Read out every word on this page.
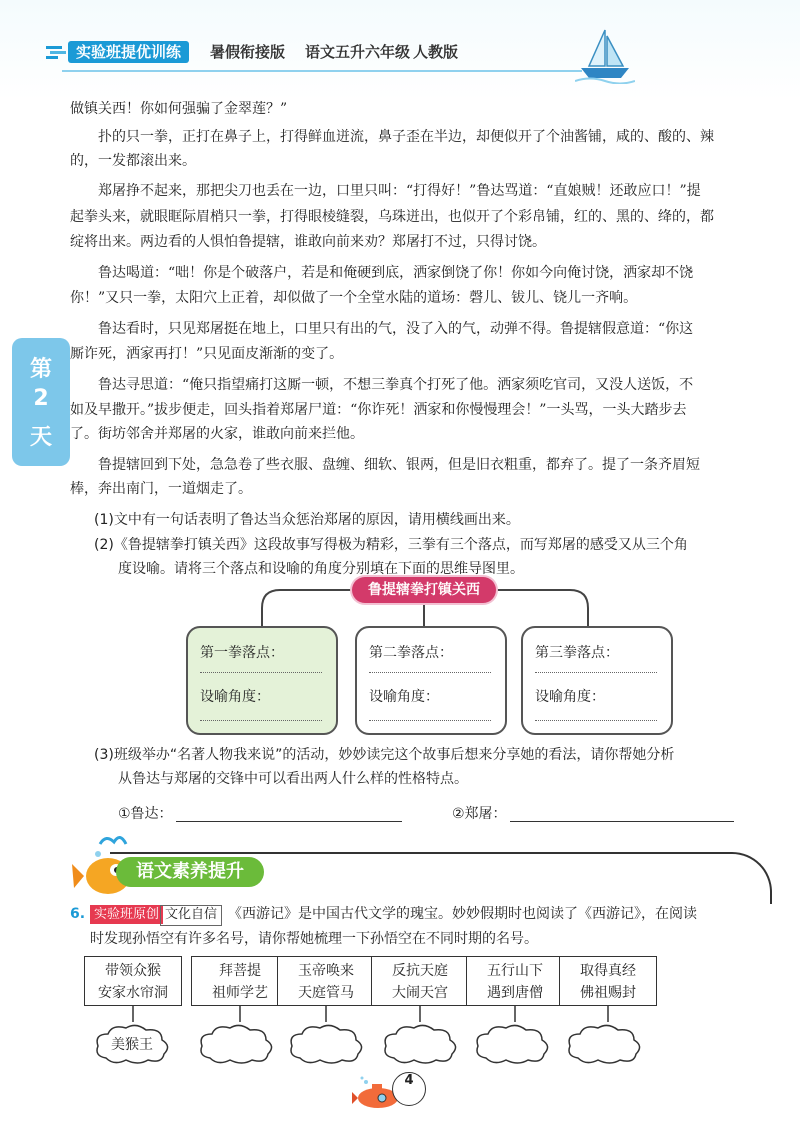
实验班提优训练	暑假衔接版 语文五升六年级 人教版
第
2
天
做镇关西！你如何强骗了金翠莲？”
　　扑的只一拳，正打在鼻子上，打得鲜血迸流，鼻子歪在半边，却便似开了个油酱铺，咸的、酸的、辣
的，一发都滚出来。
　　郑屠挣不起来，那把尖刀也丢在一边，口里只叫：“打得好！”鲁达骂道：“直娘贼！还敢应口！”提
起拳头来，就眼眶际眉梢只一拳，打得眼棱缝裂，乌珠迸出，也似开了个彩帛铺，红的、黑的、绛的，都
绽将出来。两边看的人惧怕鲁提辖，谁敢向前来劝？郑屠打不过，只得讨饶。
　　鲁达喝道：“咄！你是个破落户，若是和俺硬到底，洒家倒饶了你！你如今向俺讨饶，洒家却不饶
你！”又只一拳，太阳穴上正着，却似做了一个全堂水陆的道场：磬儿、钹儿、铙儿一齐响。
　　鲁达看时，只见郑屠挺在地上，口里只有出的气，没了入的气，动弹不得。鲁提辖假意道：“你这
厮诈死，洒家再打！”只见面皮渐渐的变了。
　　鲁达寻思道：“俺只指望痛打这厮一顿，不想三拳真个打死了他。洒家须吃官司，又没人送饭，不
如及早撒开。”拔步便走，回头指着郑屠尸道：“你诈死！洒家和你慢慢理会！”一头骂，一头大踏步去
了。街坊邻舍并郑屠的火家，谁敢向前来拦他。
　　鲁提辖回到下处，急急卷了些衣服、盘缠、细软、银两，但是旧衣粗重，都弃了。提了一条齐眉短
棒，奔出南门，一道烟走了。
(1)文中有一句话表明了鲁达当众惩治郑屠的原因，请用横线画出来。
(2)《鲁提辖拳打镇关西》这段故事写得极为精彩，三拳有三个落点，而写郑屠的感受又从三个角
度设喻。请将三个落点和设喻的角度分别填在下面的思维导图里。
鲁提辖拳打镇关西
第一拳落点：
设喻角度：
第二拳落点：
设喻角度：
第三拳落点：
设喻角度：
(3)班级举办“名著人物我来说”的活动，妙妙读完这个故事后想来分享她的看法，请你帮她分析
从鲁达与郑屠的交锋中可以看出两人什么样的性格特点。
①鲁达：	②郑屠：
语文素养提升
6. 实验班原创 文化自信 《西游记》是中国古代文学的瑰宝。妙妙假期时也阅读了《西游记》，在阅读
时发现孙悟空有许多名号，请你帮她梳理一下孙悟空在不同时期的名号。
带领众猴
安家水帘洞
拜菩提
祖师学艺
玉帝唤来
天庭管马
反抗天庭
大闹天宫
五行山下
遇到唐僧
取得真经
佛祖赐封
美猴王
4
